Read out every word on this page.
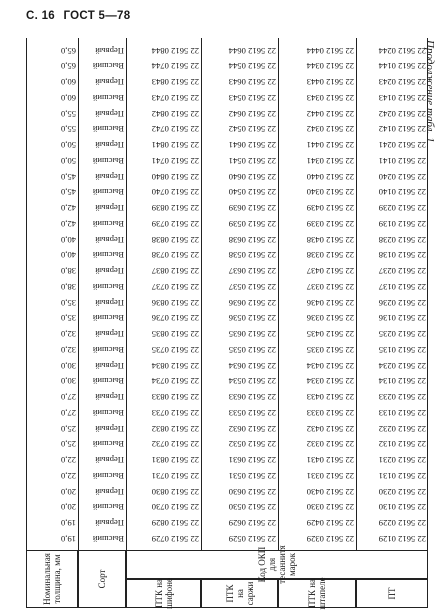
С. 16 ГОСТ 5—78
Продолжение табл. 1
Номинальная толщина, мм	Сорт	Код ОКП для тесаннитя марок
ПТК на шифоне	ПТК на саржи	ПТК на штапеле	ПТ
19,0	Высший	22 5612 0729	22 5612 0529	22 5612 0329	22 5612 0129
19,0	Первый	22 5612 0829	22 5612 0629	22 5612 0429	22 5612 0229
20,0	Высший	22 5612 0730	22 5612 0530	22 5612 0330	22 5612 0130
20,0	Первый	22 5612 0830	22 5612 0630	22 5612 0430	22 5612 0230
22,0	Высший	22 5612 0731	22 5612 0531	22 5612 0331	22 5612 0131
22,0	Первый	22 5612 0831	22 5612 0631	22 5612 0431	22 5612 0231
25,0	Высший	22 5612 0732	22 5612 0532	22 5612 0332	22 5612 0132
25,0	Первый	22 5612 0832	22 5612 0632	22 5612 0432	22 5612 0232
27,0	Высший	22 5612 0733	22 5612 0533	22 5612 0333	22 5612 0133
27,0	Первый	22 5612 0833	22 5612 0633	22 5612 0433	22 5612 0233
30,0	Высший	22 5612 0734	22 5612 0534	22 5612 0334	22 5612 0134
30,0	Первый	22 5612 0834	22 5612 0634	22 5612 0434	22 5612 0234
32,0	Высший	22 5612 0735	22 5612 0535	22 5612 0335	22 5612 0135
32,0	Первый	22 5612 0835	22 5612 0635	22 5612 0435	22 5612 0235
35,0	Высший	22 5612 0736	22 5612 0536	22 5612 0336	22 5612 0136
35,0	Первый	22 5612 0836	22 5612 0636	22 5612 0436	22 5612 0236
38,0	Высший	22 5612 0737	22 5612 0537	22 5612 0337	22 5612 0137
38,0	Первый	22 5612 0837	22 5612 0637	22 5612 0437	22 5612 0237
40,0	Высший	22 5612 0738	22 5612 0538	22 5612 0338	22 5612 0138
40,0	Первый	22 5612 0838	22 5612 0638	22 5612 0438	22 5612 0238
42,0	Высший	22 5612 0739	22 5612 0539	22 5612 0339	22 5612 0139
42,0	Первый	22 5612 0839	22 5612 0639	22 5612 0439	22 5612 0239
45,0	Высший	22 5612 0740	22 5612 0540	22 5612 0340	22 5612 0140
45,0	Первый	22 5612 0840	22 5612 0640	22 5612 0440	22 5612 0240
50,0	Высший	22 5612 0741	22 5612 0541	22 5612 0341	22 5612 0141
50,0	Первый	22 5612 0841	22 5612 0641	22 5612 0441	22 5612 0241
55,0	Высший	22 5612 0742	22 5612 0542	22 5612 0342	22 5612 0142
55,0	Первый	22 5612 0842	22 5612 0642	22 5612 0442	22 5612 0242
60,0	Высший	22 5612 0743	22 5612 0543	22 5612 0343	22 5612 0143
60,0	Первый	22 5612 0843	22 5612 0643	22 5612 0443	22 5612 0243
65,0	Высший	22 5612 0744	22 5612 0544	22 5612 0344	22 5612 0144
65,0	Первый	22 5612 0844	22 5612 0644	22 5612 0444	22 5612 0244
